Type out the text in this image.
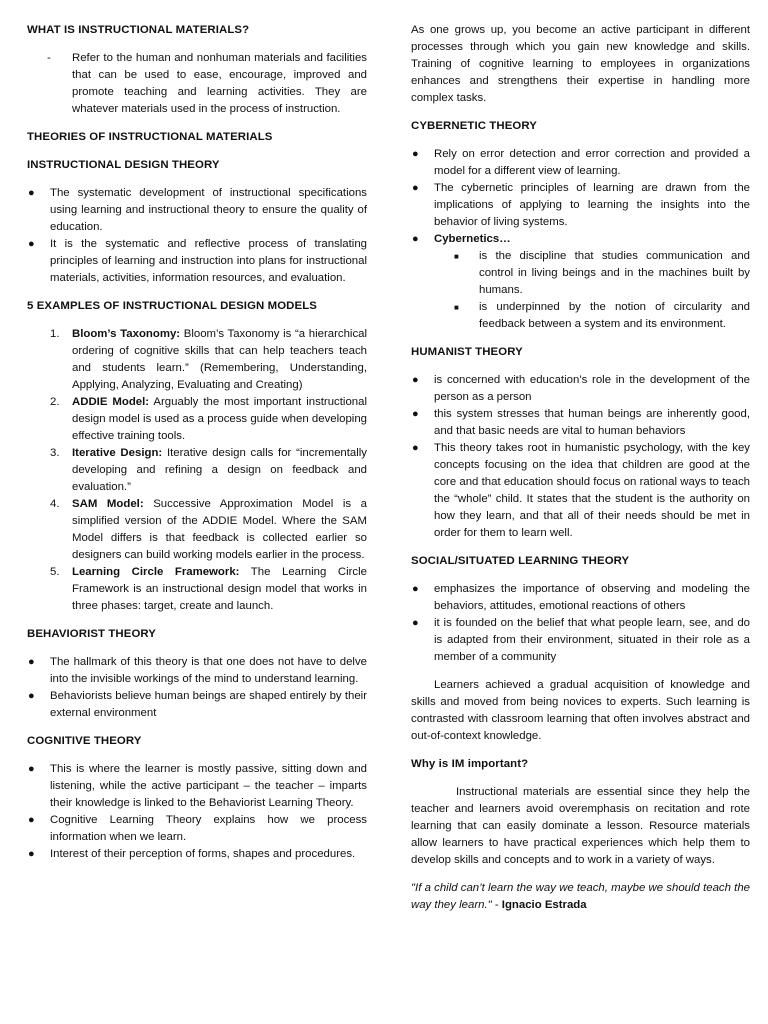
WHAT IS INSTRUCTIONAL MATERIALS?
- Refer to the human and nonhuman materials and facilities that can be used to ease, encourage, improved and promote teaching and learning activities. They are whatever materials used in the process of instruction.
THEORIES OF INSTRUCTIONAL MATERIALS
INSTRUCTIONAL DESIGN THEORY
● The systematic development of instructional specifications using learning and instructional theory to ensure the quality of education.
● It is the systematic and reflective process of translating principles of learning and instruction into plans for instructional materials, activities, information resources, and evaluation.
5 EXAMPLES OF INSTRUCTIONAL DESIGN MODELS
1. Bloom’s Taxonomy: Bloom’s Taxonomy is “a hierarchical ordering of cognitive skills that can help teachers teach and students learn.” (Remembering, Understanding, Applying, Analyzing, Evaluating and Creating)
2. ADDIE Model: Arguably the most important instructional design model is used as a process guide when developing effective training tools.
3. Iterative Design: Iterative design calls for “incrementally developing and refining a design on feedback and evaluation.”
4. SAM Model: Successive Approximation Model is a simplified version of the ADDIE Model. Where the SAM Model differs is that feedback is collected earlier so designers can build working models earlier in the process.
5. Learning Circle Framework: The Learning Circle Framework is an instructional design model that works in three phases: target, create and launch.
BEHAVIORIST THEORY
● The hallmark of this theory is that one does not have to delve into the invisible workings of the mind to understand learning.
● Behaviorists believe human beings are shaped entirely by their external environment
COGNITIVE THEORY
● This is where the learner is mostly passive, sitting down and listening, while the active participant – the teacher – imparts their knowledge is linked to the Behaviorist Learning Theory.
● Cognitive Learning Theory explains how we process information when we learn.
● Interest of their perception of forms, shapes and procedures.

As one grows up, you become an active participant in different processes through which you gain new knowledge and skills. Training of cognitive learning to employees in organizations enhances and strengthens their expertise in handling more complex tasks.

CYBERNETIC THEORY
● Rely on error detection and error correction and provided a model for a different view of learning.
● The cybernetic principles of learning are drawn from the implications of applying to learning the insights into the behavior of living systems.
● Cybernetics…
■ is the discipline that studies communication and control in living beings and in the machines built by humans.
■ is underpinned by the notion of circularity and feedback between a system and its environment.
HUMANIST THEORY
● is concerned with education’s role in the development of the person as a person
● this system stresses that human beings are inherently good, and that basic needs are vital to human behaviors
● This theory takes root in humanistic psychology, with the key concepts focusing on the idea that children are good at the core and that education should focus on rational ways to teach the “whole” child. It states that the student is the authority on how they learn, and that all of their needs should be met in order for them to learn well.
SOCIAL/SITUATED LEARNING THEORY
● emphasizes the importance of observing and modeling the behaviors, attitudes, emotional reactions of others
● it is founded on the belief that what people learn, see, and do is adapted from their environment, situated in their role as a member of a community

Learners achieved a gradual acquisition of knowledge and skills and moved from being novices to experts. Such learning is contrasted with classroom learning that often involves abstract and out-of-context knowledge.

Why is IM important?

Instructional materials are essential since they help the teacher and learners avoid overemphasis on recitation and rote learning that can easily dominate a lesson. Resource materials allow learners to have practical experiences which help them to develop skills and concepts and to work in a variety of ways.

"If a child can’t learn the way we teach, maybe we should teach the way they learn." - Ignacio Estrada
